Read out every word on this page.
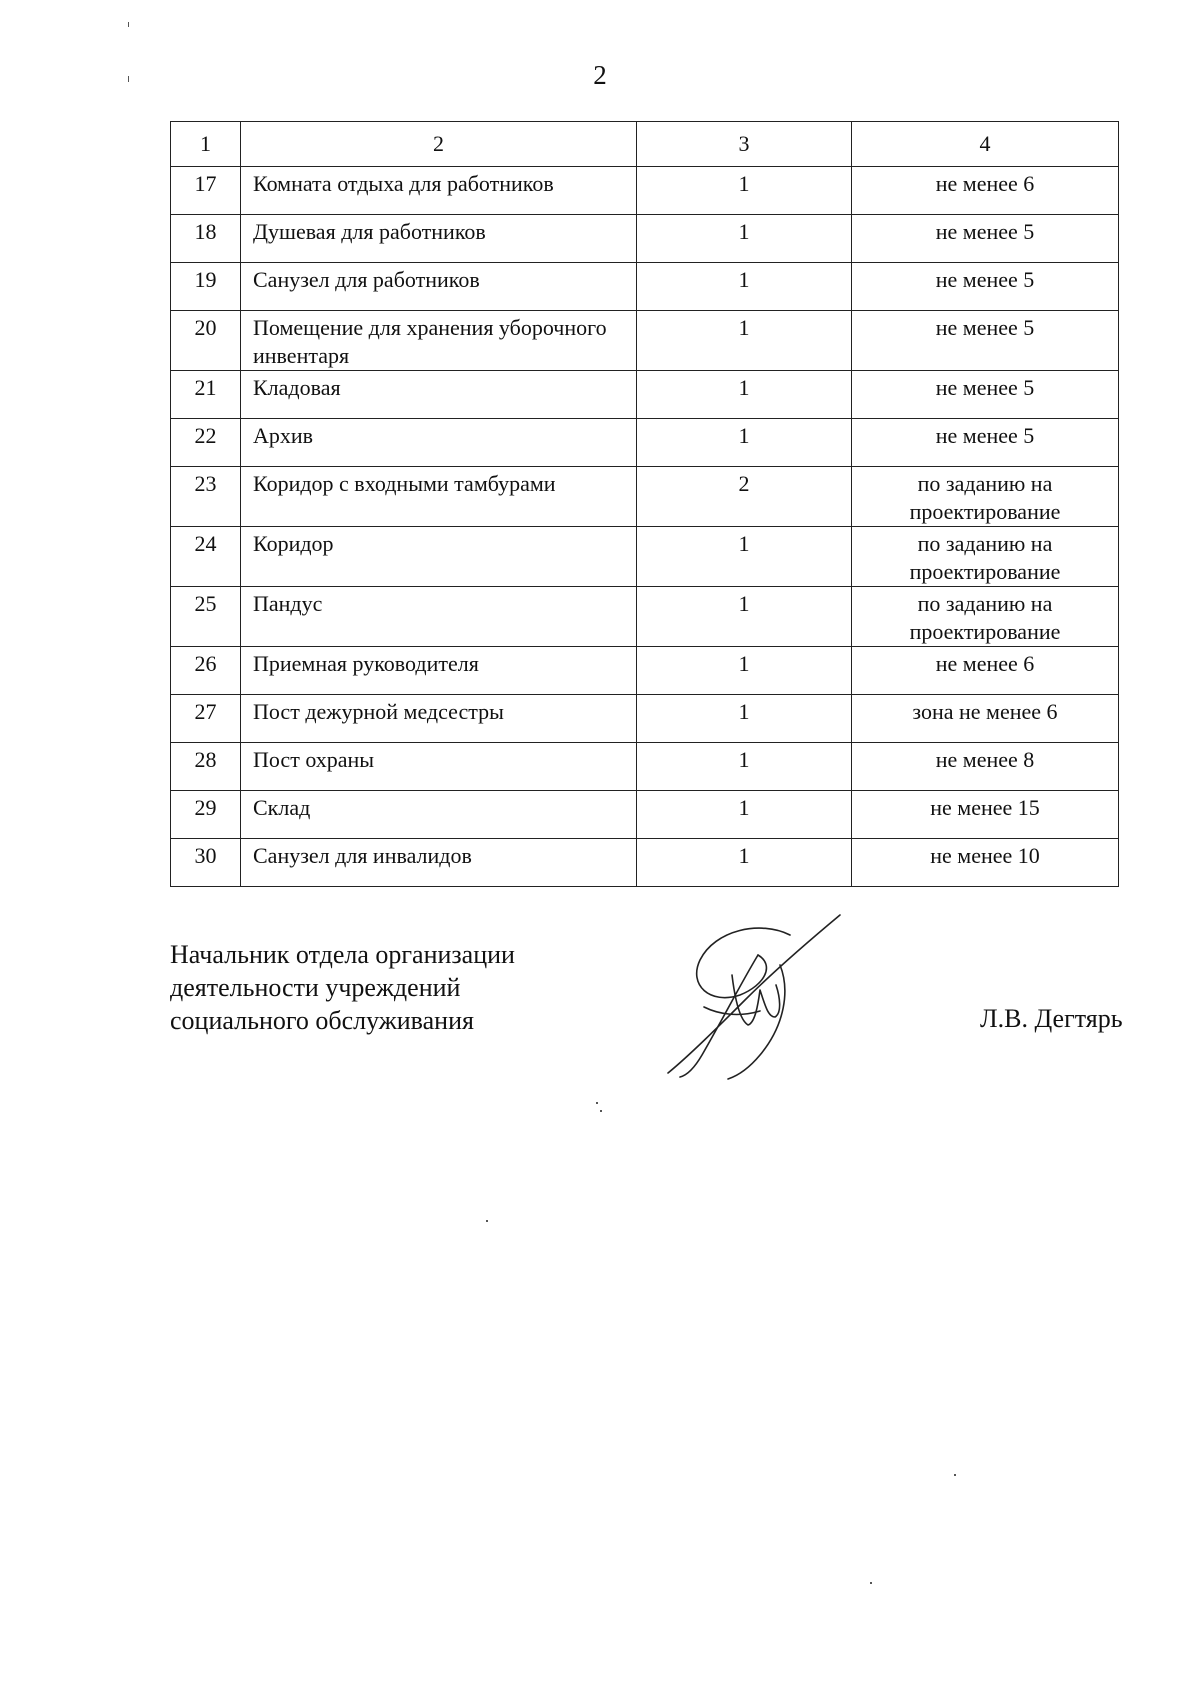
2
1	2	3	4
17	Комната отдыха для работников	1	не менее 6
18	Душевая для работников	1	не менее 5
19	Санузел для работников	1	не менее 5
20	Помещение для хранения уборочного инвентаря	1	не менее 5
21	Кладовая	1	не менее 5
22	Архив	1	не менее 5
23	Коридор с входными тамбурами	2	по заданию на проектирование
24	Коридор	1	по заданию на проектирование
25	Пандус	1	по заданию на проектирование
26	Приемная руководителя	1	не менее 6
27	Пост дежурной медсестры	1	зона не менее 6
28	Пост охраны	1	не менее 8
29	Склад	1	не менее 15
30	Санузел для инвалидов	1	не менее 10
Начальник отдела организации
деятельности учреждений
социального обслуживания	Л.В. Дегтярь
